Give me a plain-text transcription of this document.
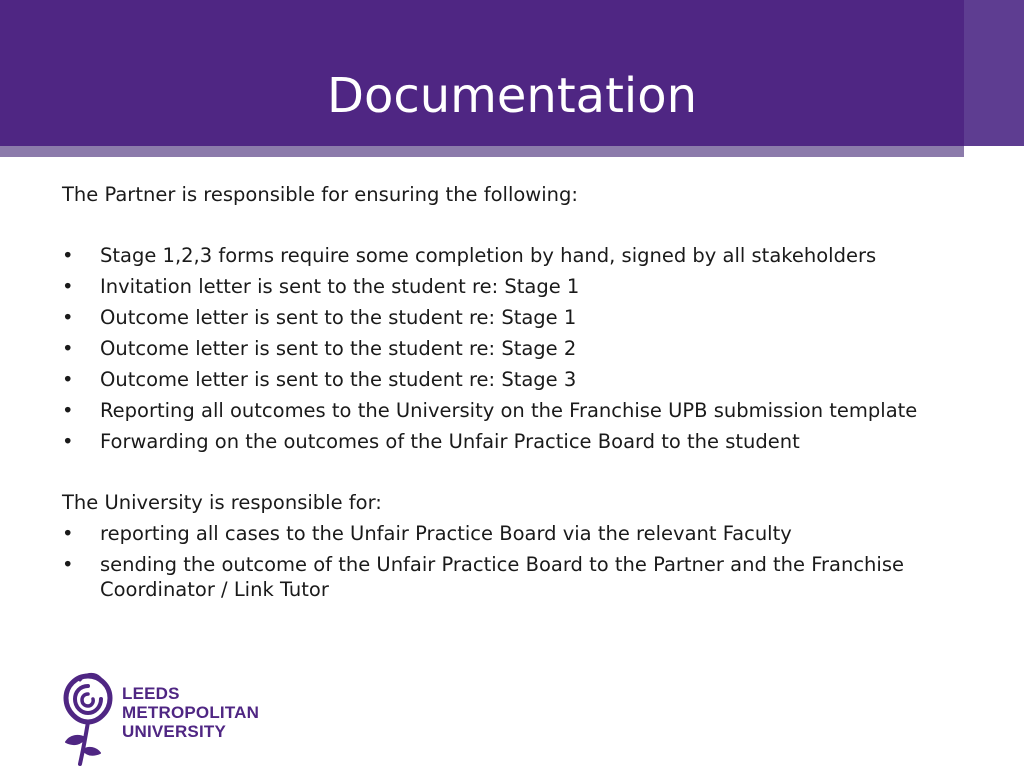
Documentation

The Partner is responsible for ensuring the following:

• Stage 1,2,3 forms require some completion by hand, signed by all stakeholders
• Invitation letter is sent to the student re: Stage 1
• Outcome letter is sent to the student re: Stage 1
• Outcome letter is sent to the student re: Stage 2
• Outcome letter is sent to the student re: Stage 3
• Reporting all outcomes to the University on the Franchise UPB submission template
• Forwarding on the outcomes of the Unfair Practice Board to the student

The University is responsible for:

• reporting all cases to the Unfair Practice Board via the relevant Faculty
• sending the outcome of the Unfair Practice Board to the Partner and the Franchise Coordinator / Link Tutor
LEEDS
METROPOLITAN
UNIVERSITY
